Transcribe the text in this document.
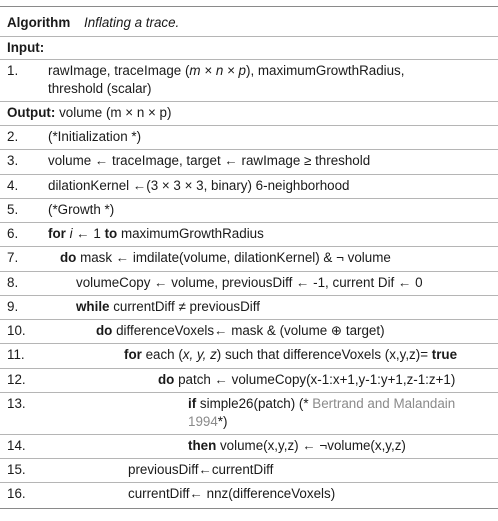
Algorithm Inflating a trace.
Input:
1. rawImage, traceImage (m × n × p), maximumGrowthRadius,
threshold (scalar)
Output: volume (m × n × p)
2. (*Initialization *)
3. volume ← traceImage, target ← rawImage ≥ threshold
4. dilationKernel ←(3 × 3 × 3, binary) 6-neighborhood
5. (*Growth *)
6. for i ← 1 to maximumGrowthRadius
7.	do mask ← imdilate(volume, dilationKernel) & ¬ volume
8.	volumeCopy ← volume, previousDiff ← -1, current Dif ← 0
9.	while currentDiff ≠ previousDiff
10.	do differenceVoxels← mask & (volume ⊕ target)
11.	for each (x, y, z) such that differenceVoxels (x,y,z)= true
12.	do patch ← volumeCopy(x-1:x+1,y-1:y+1,z-1:z+1)
13.	if simple26(patch) (* Bertrand and Malandain
1994*)
14.	then volume(x,y,z) ← ¬volume(x,y,z)
15.	previousDiff←currentDiff
16.	currentDiff← nnz(differenceVoxels)
